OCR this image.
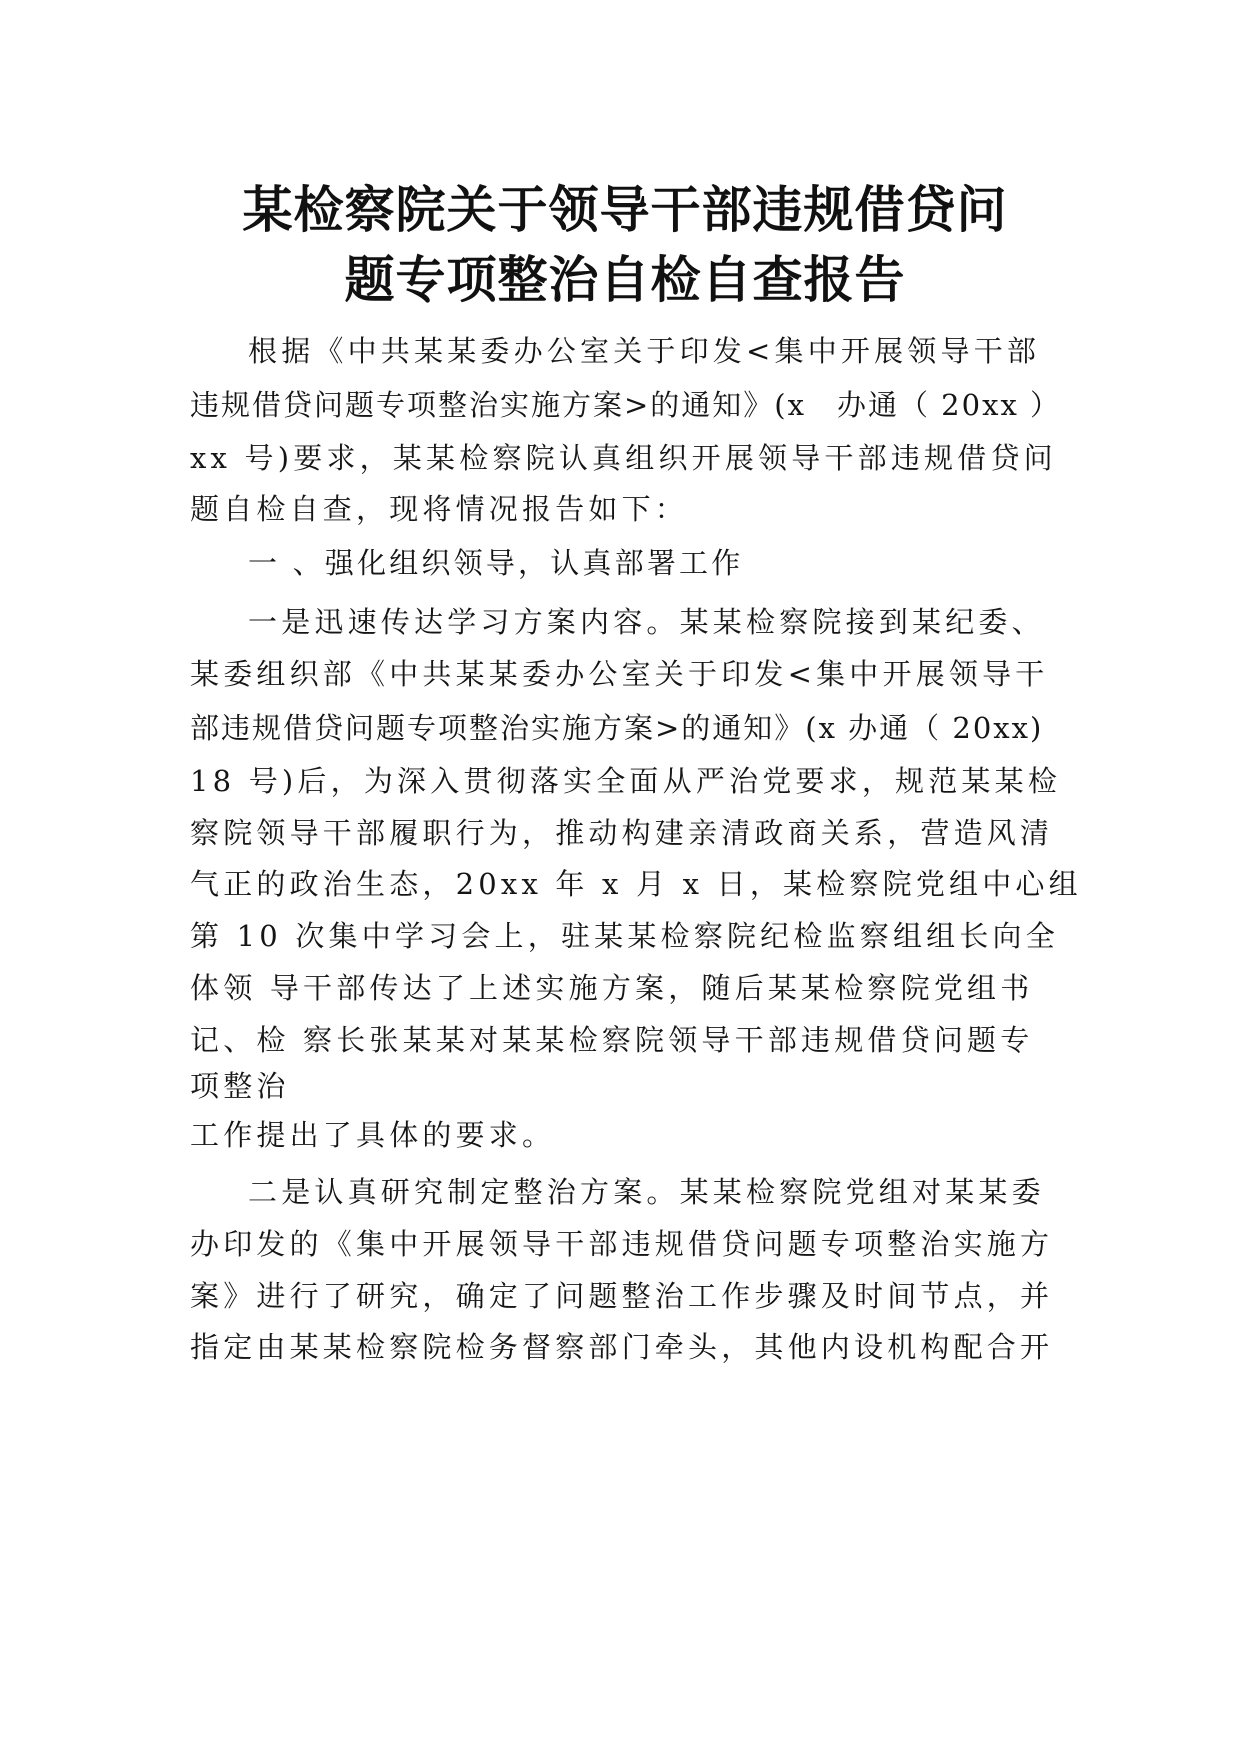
某检察院关于领导干部违规借贷问
题专项整治自检自查报告
根据《中共某某委办公室关于印发<集中开展领导干部
违规借贷问题专项整治实施方案>的通知》(x　办通（ 20xx ）
xx 号)要求，某某检察院认真组织开展领导干部违规借贷问
题自检自查，现将情况报告如下：
一 、强化组织领导，认真部署工作
一是迅速传达学习方案内容。某某检察院接到某纪委、
某委组织部《中共某某委办公室关于印发<集中开展领导干
部违规借贷问题专项整治实施方案>的通知》(x 办通（ 20xx)
18 号)后，为深入贯彻落实全面从严治党要求，规范某某检
察院领导干部履职行为，推动构建亲清政商关系，营造风清
气正的政治生态，20xx 年 x 月 x 日，某检察院党组中心组
第 10 次集中学习会上，驻某某检察院纪检监察组组长向全
体领 导干部传达了上述实施方案，随后某某检察院党组书
记、检 察长张某某对某某检察院领导干部违规借贷问题专
项整治
工作提出了具体的要求。
二是认真研究制定整治方案。某某检察院党组对某某委
办印发的《集中开展领导干部违规借贷问题专项整治实施方
案》进行了研究，确定了问题整治工作步骤及时间节点，并
指定由某某检察院检务督察部门牵头，其他内设机构配合开
